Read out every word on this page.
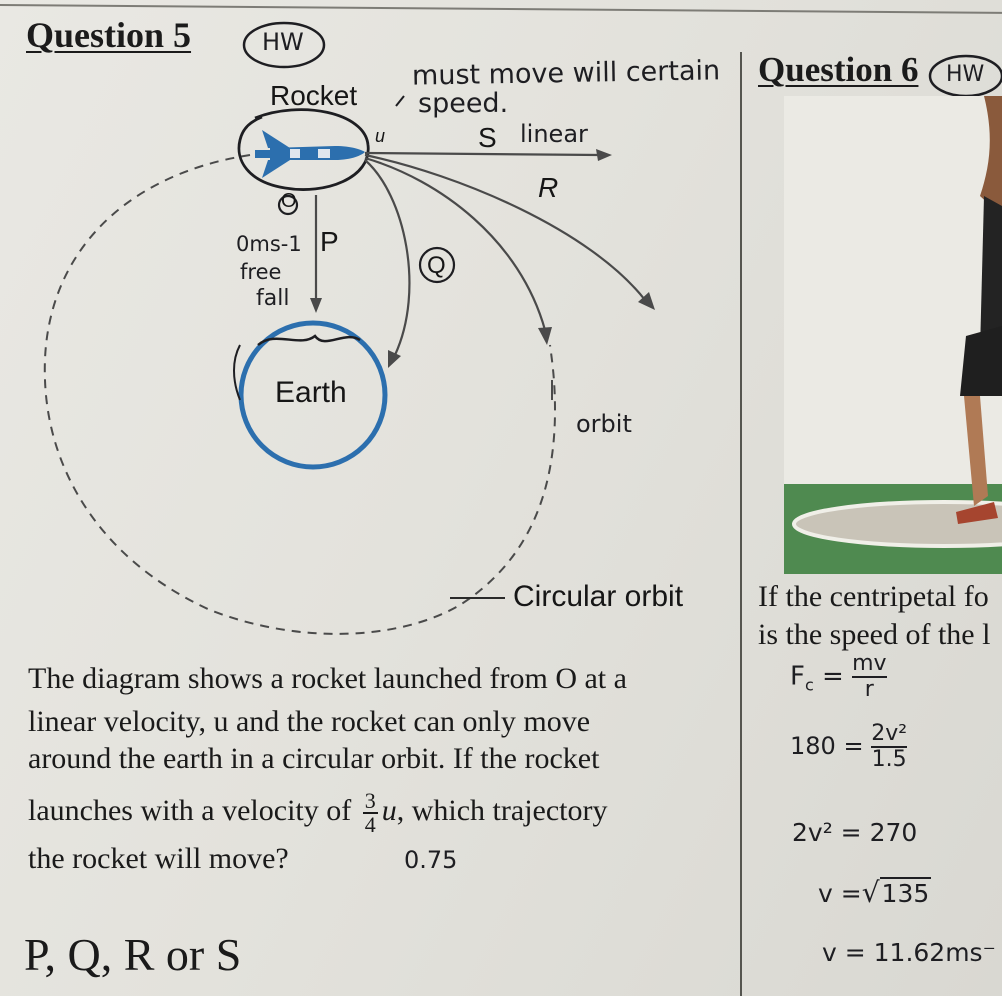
Question 5	HW
must move will certain
Rocket speed.
u	S linear
R
O
0ms-1 P
Q
free
fall
Earth
orbit
Circular orbit
The diagram shows a rocket launched from O at a
linear velocity, u and the rocket can only move
around the earth in a circular orbit. If the rocket
launches with a velocity of $\frac{3}{4} u$, which trajectory
the rocket will move?	0.75
P, Q, R or S
Question 6 HW
If the centripetal fo
is the speed of the l
$F_c = \frac{mv}{r}$
$180 = \frac{\text{2v²}}{1.5}$
2v² = 270
v =√135
v = 11.62ms⁻
